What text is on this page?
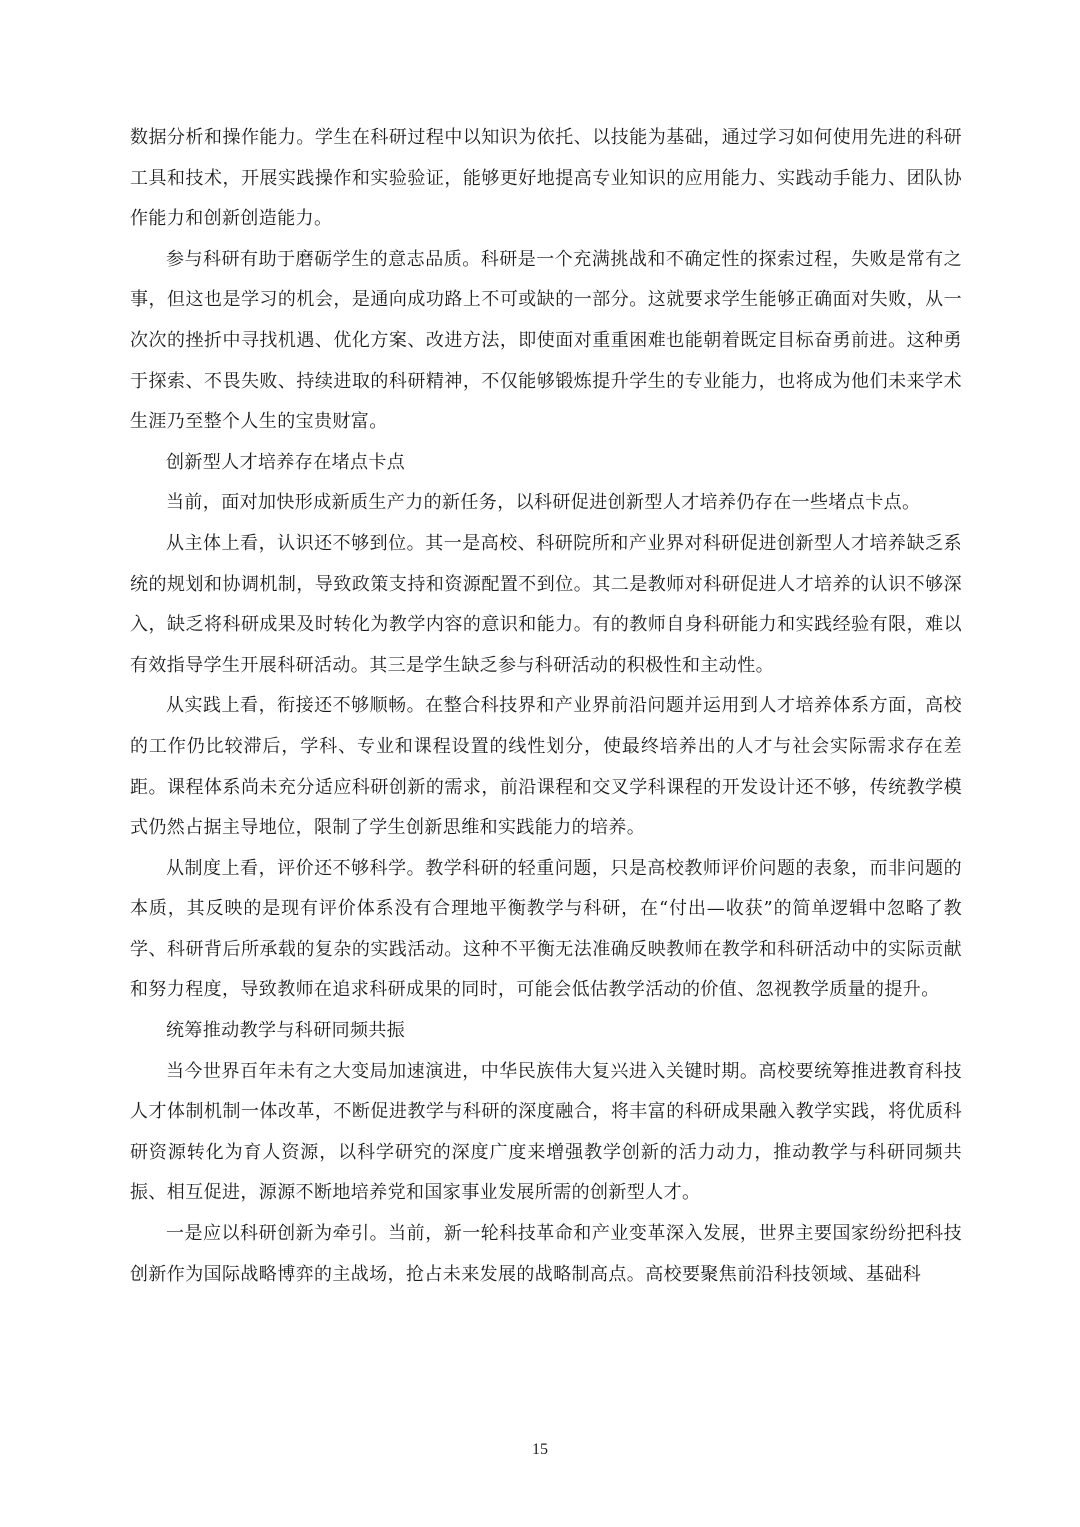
数据分析和操作能力。学生在科研过程中以知识为依托、以技能为基础，通过学习如何使用先进的科研工具和技术，开展实践操作和实验验证，能够更好地提高专业知识的应用能力、实践动手能力、团队协作能力和创新创造能力。

参与科研有助于磨砺学生的意志品质。科研是一个充满挑战和不确定性的探索过程，失败是常有之事，但这也是学习的机会，是通向成功路上不可或缺的一部分。这就要求学生能够正确面对失败，从一次次的挫折中寻找机遇、优化方案、改进方法，即使面对重重困难也能朝着既定目标奋勇前进。这种勇于探索、不畏失败、持续进取的科研精神，不仅能够锻炼提升学生的专业能力，也将成为他们未来学术生涯乃至整个人生的宝贵财富。

创新型人才培养存在堵点卡点

当前，面对加快形成新质生产力的新任务，以科研促进创新型人才培养仍存在一些堵点卡点。

从主体上看，认识还不够到位。其一是高校、科研院所和产业界对科研促进创新型人才培养缺乏系统的规划和协调机制，导致政策支持和资源配置不到位。其二是教师对科研促进人才培养的认识不够深入，缺乏将科研成果及时转化为教学内容的意识和能力。有的教师自身科研能力和实践经验有限，难以有效指导学生开展科研活动。其三是学生缺乏参与科研活动的积极性和主动性。

从实践上看，衔接还不够顺畅。在整合科技界和产业界前沿问题并运用到人才培养体系方面，高校的工作仍比较滞后，学科、专业和课程设置的线性划分，使最终培养出的人才与社会实际需求存在差距。课程体系尚未充分适应科研创新的需求，前沿课程和交叉学科课程的开发设计还不够，传统教学模式仍然占据主导地位，限制了学生创新思维和实践能力的培养。

从制度上看，评价还不够科学。教学科研的轻重问题，只是高校教师评价问题的表象，而非问题的本质，其反映的是现有评价体系没有合理地平衡教学与科研，在“付出—收获”的简单逻辑中忽略了教学、科研背后所承载的复杂的实践活动。这种不平衡无法准确反映教师在教学和科研活动中的实际贡献和努力程度，导致教师在追求科研成果的同时，可能会低估教学活动的价值、忽视教学质量的提升。

统筹推动教学与科研同频共振

当今世界百年未有之大变局加速演进，中华民族伟大复兴进入关键时期。高校要统筹推进教育科技人才体制机制一体改革，不断促进教学与科研的深度融合，将丰富的科研成果融入教学实践，将优质科研资源转化为育人资源，以科学研究的深度广度来增强教学创新的活力动力，推动教学与科研同频共振、相互促进，源源不断地培养党和国家事业发展所需的创新型人才。

一是应以科研创新为牵引。当前，新一轮科技革命和产业变革深入发展，世界主要国家纷纷把科技创新作为国际战略博弈的主战场，抢占未来发展的战略制高点。高校要聚焦前沿科技领域、基础科

15
